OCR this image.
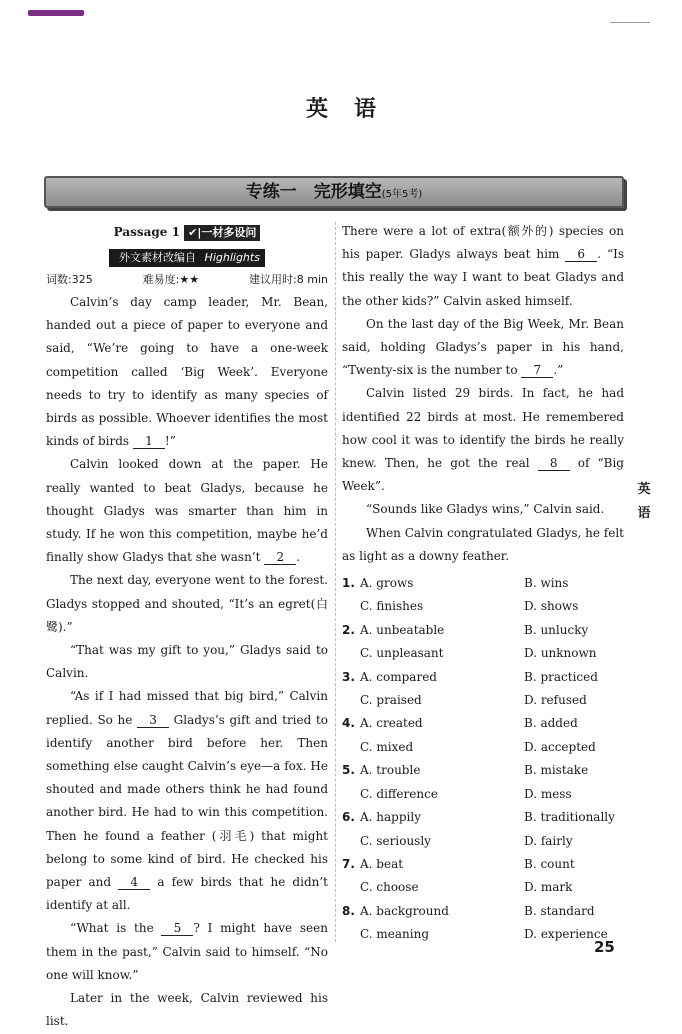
英语
专练一　完形填空(5年5考)
Passage 1 ✔|一材多设问
外文素材改编自 Highlights
词数:325	难易度:★★	建议用时:8 min
Calvin’s day camp leader, Mr. Bean, handed out a piece of paper to everyone and said, “We’re going to have a one-week competition called ‘Big Week’. Everyone needs to try to identify as many species of birds as possible. Whoever identifies the most kinds of birds 1 !”
Calvin looked down at the paper. He really wanted to beat Gladys, because he thought Gladys was smarter than him in study. If he won this competition, maybe he’d finally show Gladys that she wasn’t 2 .
The next day, everyone went to the forest. Gladys stopped and shouted, “It’s an egret(白鹭).”
“That was my gift to you,” Gladys said to Calvin.
“As if I had missed that big bird,” Calvin replied. So he 3 Gladys’s gift and tried to identify another bird before her. Then something else caught Calvin’s eye—a fox. He shouted and made others think he had found another bird. He had to win this competition. Then he found a feather (羽毛) that might belong to some kind of bird. He checked his paper and 4 a few birds that he didn’t identify at all.
“What is the 5 ? I might have seen them in the past,” Calvin said to himself. “No one will know.”
Later in the week, Calvin reviewed his list.
There were a lot of extra(额外的) species on his paper. Gladys always beat him 6 . “Is this really the way I want to beat Gladys and the other kids?” Calvin asked himself.
On the last day of the Big Week, Mr. Bean said, holding Gladys’s paper in his hand, “Twenty-six is the number to 7 .”
Calvin listed 29 birds. In fact, he had identified 22 birds at most. He remembered how cool it was to identify the birds he really knew. Then, he got the real 8 of “Big Week”.
“Sounds like Gladys wins,” Calvin said.
When Calvin congratulated Gladys, he felt as light as a downy feather.
1. A. grows	B. wins
C. finishes	D. shows
2. A. unbeatable	B. unlucky
C. unpleasant	D. unknown
3. A. compared	B. practiced
C. praised	D. refused
4. A. created	B. added
C. mixed	D. accepted
5. A. trouble	B. mistake
C. difference	D. mess
6. A. happily	B. traditionally
C. seriously	D. fairly
7. A. beat	B. count
C. choose	D. mark
8. A. background	B. standard
C. meaning	D. experience
英
语
25
